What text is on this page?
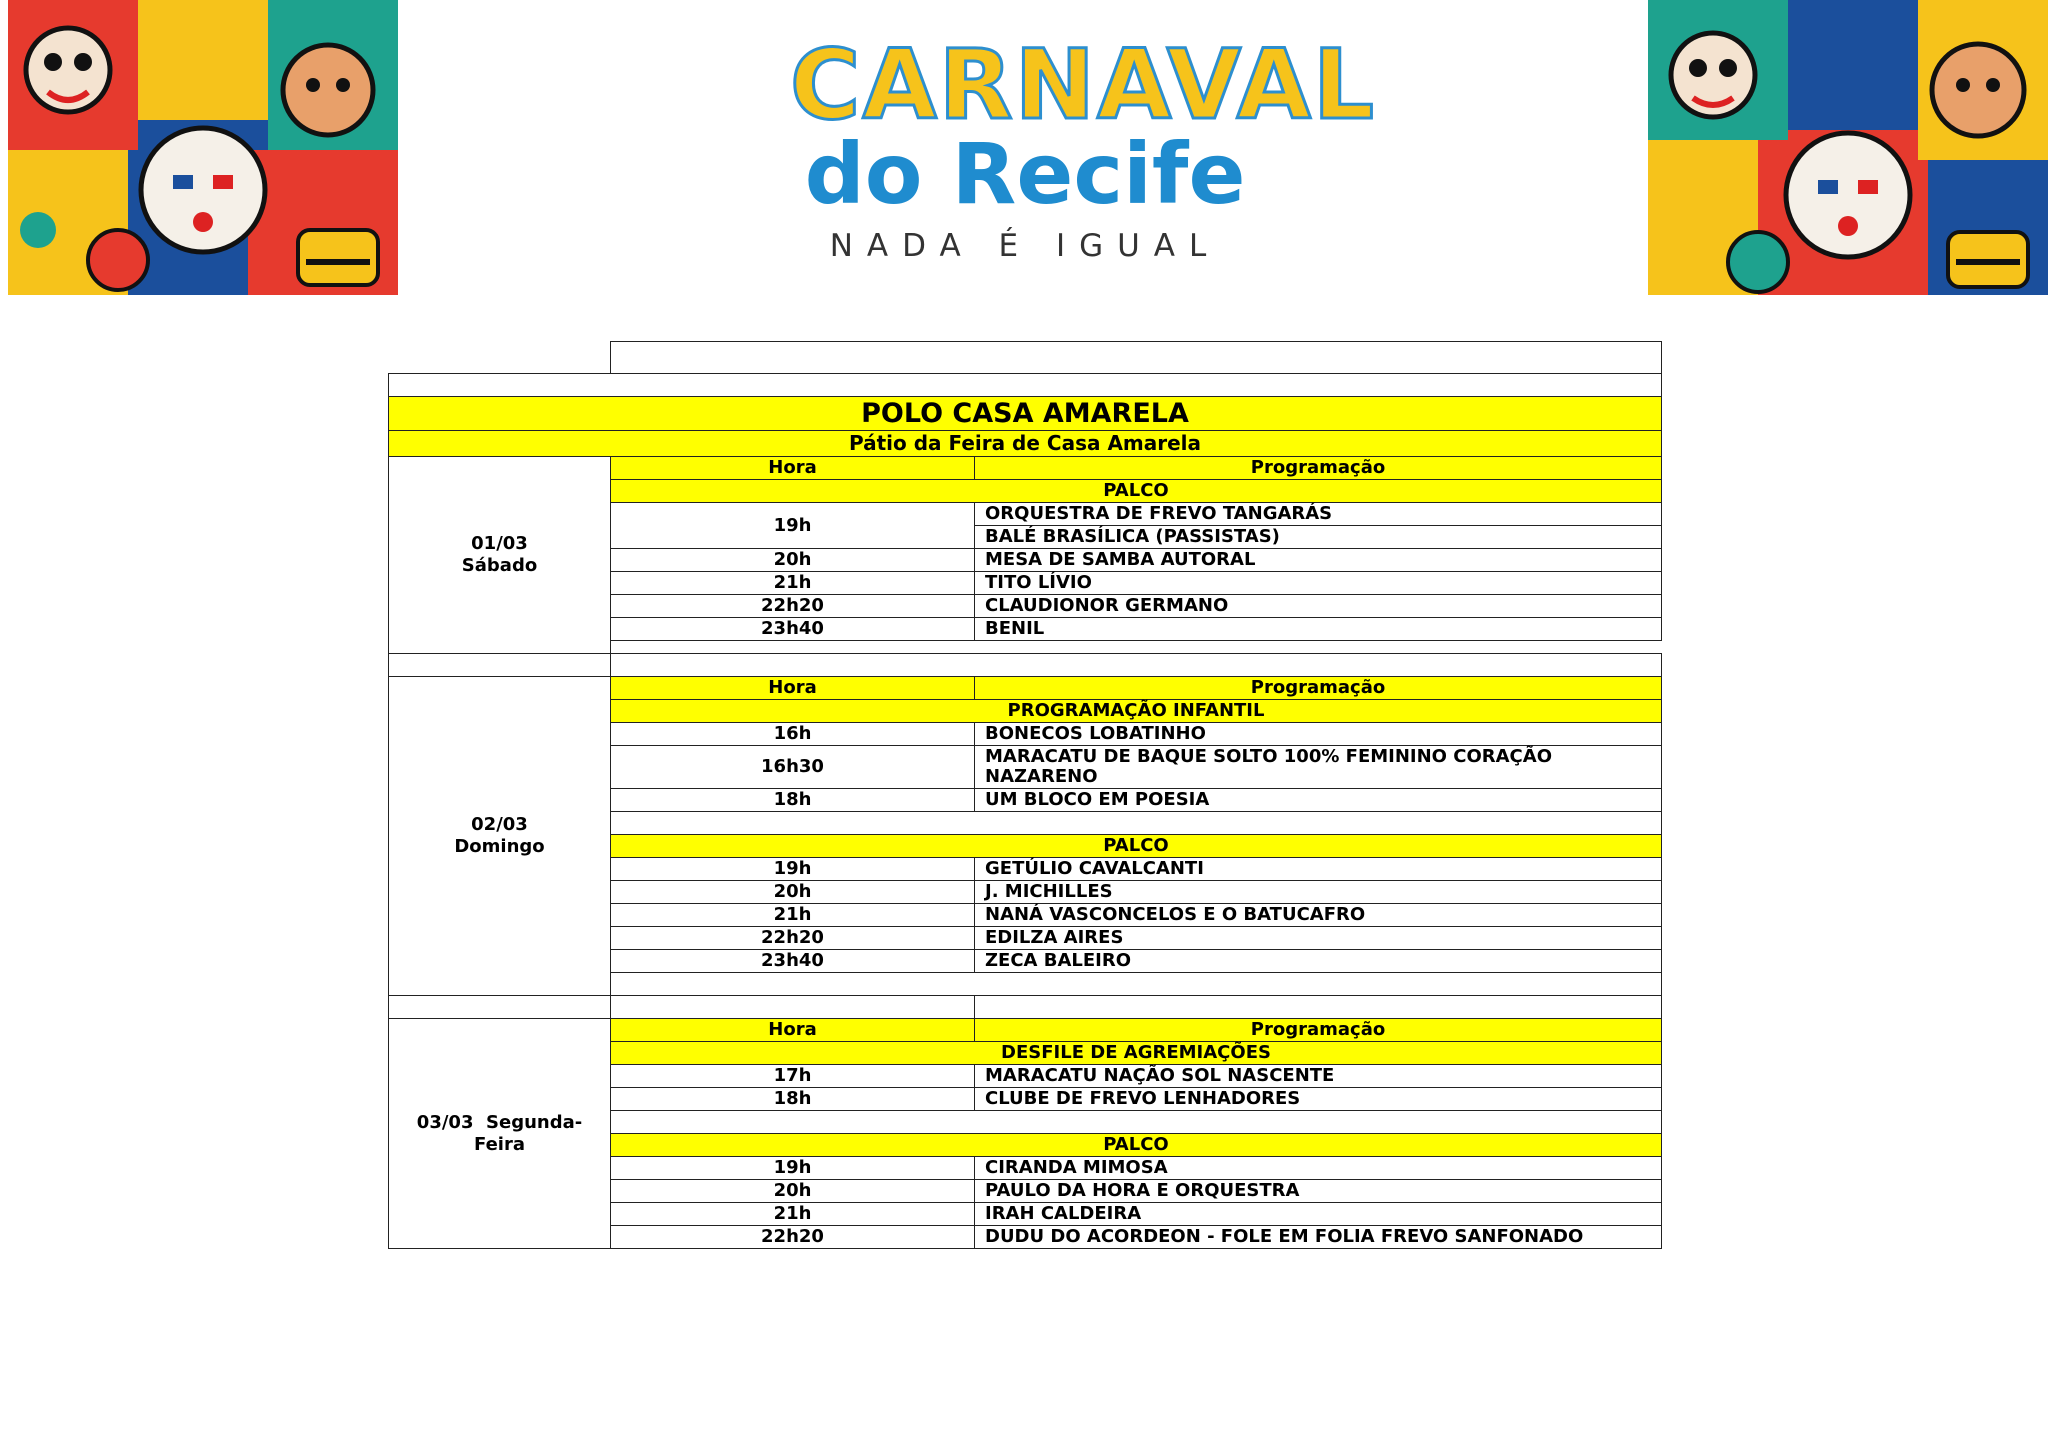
CARNAVAL
do Recife
NADA É IGUAL

POLO CASA AMARELA		
Pátio da Feira de Casa Amarela		
01/03
Sábado	Hora	Programação
	PALCO	
	19h	ORQUESTRA DE FREVO TANGARÁS
		BALÉ BRASÍLICA (PASSISTAS)
	20h	MESA DE SAMBA AUTORAL
	21h	TITO LÍVIO
	22h20	CLAUDIONOR GERMANO
	23h40	BENIL

02/03
Domingo	Hora	Programação
	PROGRAMAÇÃO INFANTIL	
	16h	BONECOS LOBATINHO
	16h30	MARACATU DE BAQUE SOLTO 100% FEMININO CORAÇÃO NAZARENO
	18h	UM BLOCO EM POESIA

	PALCO	
	19h	GETÚLIO CAVALCANTI
	20h	J. MICHILLES
	21h	NANÁ VASCONCELOS E O BATUCAFRO
	22h20	EDILZA AIRES
	23h40	ZECA BALEIRO

03/03 Segunda-Feira	Hora	Programação
	DESFILE DE AGREMIAÇÕES	
	17h	MARACATU NAÇÃO SOL NASCENTE
	18h	CLUBE DE FREVO LENHADORES

	PALCO	
	19h	CIRANDA MIMOSA
	20h	PAULO DA HORA E ORQUESTRA
	21h	IRAH CALDEIRA
	22h20	DUDU DO ACORDEON - FOLE EM FOLIA FREVO SANFONADO
